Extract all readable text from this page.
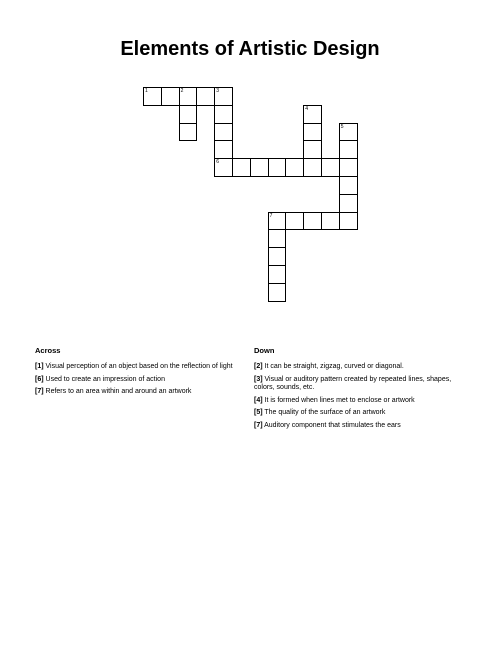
Elements of Artistic Design
1	2	3
6
4
5
7
Across
[1] Visual perception of an object based on the reflection of light
[6] Used to create an impression of action
[7] Refers to an area within and around an artwork
Down
[2] It can be straight, zigzag, curved or diagonal.
[3] Visual or auditory pattern created by repeated lines, shapes, colors, sounds, etc.
[4] It is formed when lines met to enclose or artwork
[5] The quality of the surface of an artwork
[7] Auditory component that stimulates the ears
